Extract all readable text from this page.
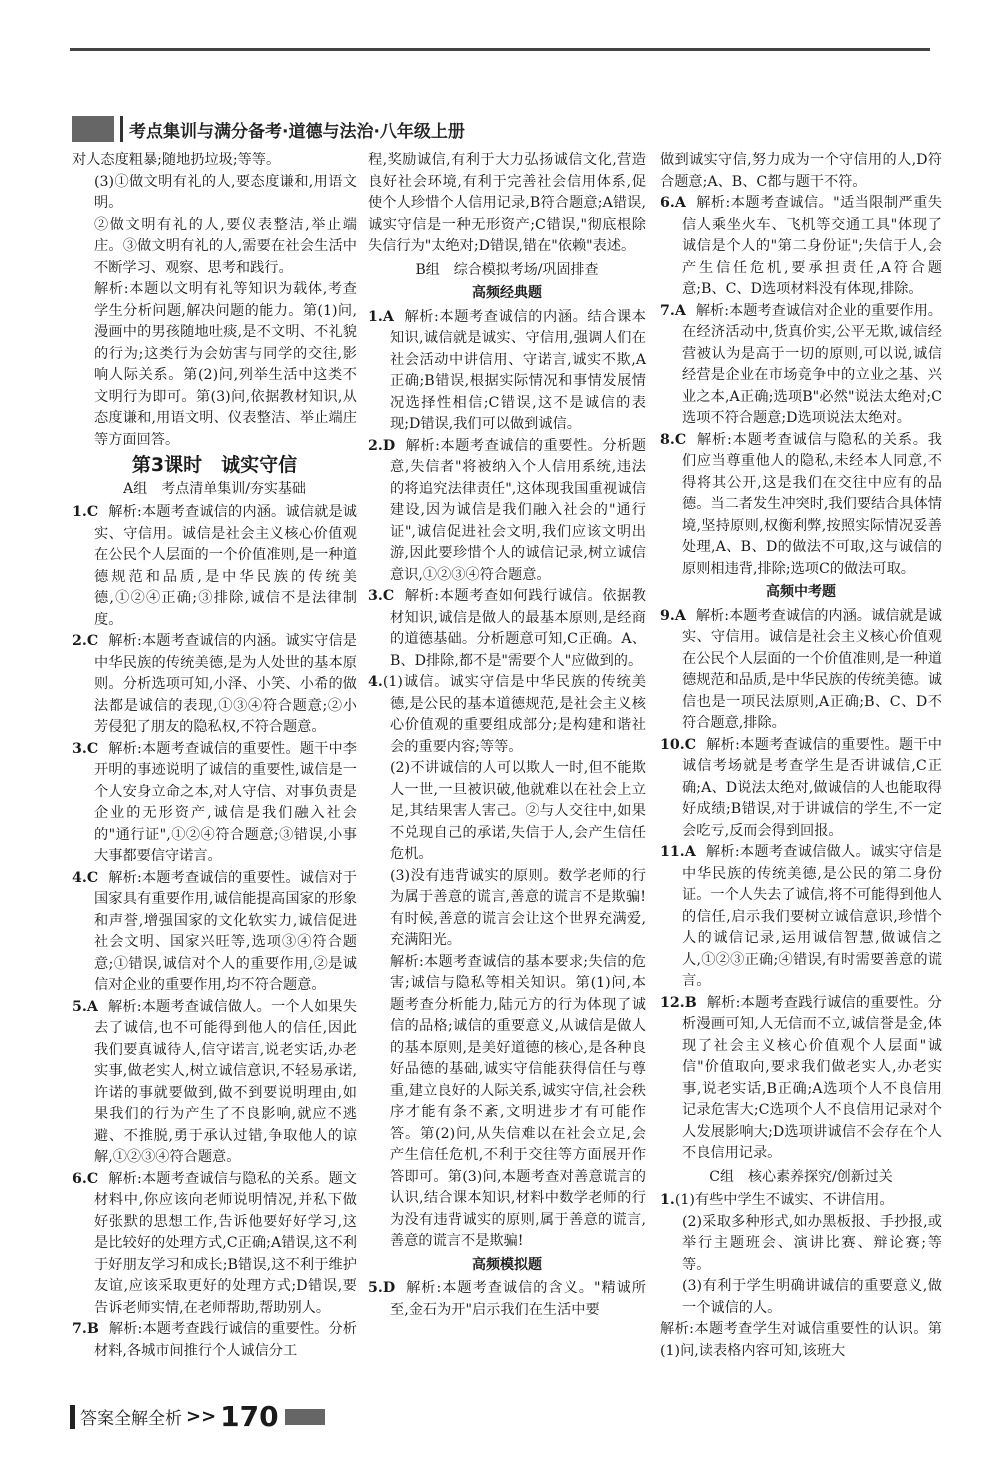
考点集训与满分备考·道德与法治·八年级上册

对人态度粗暴;随地扔垃圾;等等。

(3)①做文明有礼的人,要态度谦和,用语文明。

②做文明有礼的人,要仪表整洁,举止端庄。③做文明有礼的人,需要在社会生活中不断学习、观察、思考和践行。

解析:本题以文明有礼等知识为载体,考查学生分析问题,解决问题的能力。第(1)问,漫画中的男孩随地吐痰,是不文明、不礼貌的行为;这类行为会妨害与同学的交往,影响人际关系。第(2)问,列举生活中这类不文明行为即可。第(3)问,依据教材知识,从态度谦和,用语文明、仪表整洁、举止端庄等方面回答。

第3课时　诚实守信

A组　考点清单集训/夯实基础

1.C 解析:本题考查诚信的内涵。诚信就是诚实、守信用。诚信是社会主义核心价值观在公民个人层面的一个价值准则,是一种道德规范和品质,是中华民族的传统美德,①②④正确;③排除,诚信不是法律制度。

2.C 解析:本题考查诚信的内涵。诚实守信是中华民族的传统美德,是为人处世的基本原则。分析选项可知,小泽、小笑、小希的做法都是诚信的表现,①③④符合题意;②小芳侵犯了朋友的隐私权,不符合题意。

3.C 解析:本题考查诚信的重要性。题干中李开明的事迹说明了诚信的重要性,诚信是一个人安身立命之本,对人守信、对事负责是企业的无形资产,诚信是我们融入社会的"通行证",①②④符合题意;③错误,小事大事都要信守诺言。

4.C 解析:本题考查诚信的重要性。诚信对于国家具有重要作用,诚信能提高国家的形象和声誉,增强国家的文化软实力,诚信促进社会文明、国家兴旺等,选项③④符合题意;①错误,诚信对个人的重要作用,②是诚信对企业的重要作用,均不符合题意。

5.A 解析:本题考查诚信做人。一个人如果失去了诚信,也不可能得到他人的信任,因此我们要真诚待人,信守诺言,说老实话,办老实事,做老实人,树立诚信意识,不轻易承诺,许诺的事就要做到,做不到要说明理由,如果我们的行为产生了不良影响,就应不逃避、不推脱,勇于承认过错,争取他人的谅解,①②③④符合题意。

6.C 解析:本题考查诚信与隐私的关系。题文材料中,你应该向老师说明情况,并私下做好张默的思想工作,告诉他要好好学习,这是比较好的处理方式,C正确;A错误,这不利于好朋友学习和成长;B错误,这不利于维护友谊,应该采取更好的处理方式;D错误,要告诉老师实情,在老师帮助,帮助别人。

7.B 解析:本题考查践行诚信的重要性。分析材料,各城市间推行个人诚信分工

程,奖励诚信,有利于大力弘扬诚信文化,营造良好社会环境,有利于完善社会信用体系,促使个人珍惜个人信用记录,B符合题意;A错误,诚实守信是一种无形资产;C错误,"彻底根除失信行为"太绝对;D错误,错在"依赖"表述。

B组　综合模拟考场/巩固排查

高频经典题

1.A 解析:本题考查诚信的内涵。结合课本知识,诚信就是诚实、守信用,强调人们在社会活动中讲信用、守诺言,诚实不欺,A正确;B错误,根据实际情况和事情发展情况选择性相信;C错误,这不是诚信的表现;D错误,我们可以做到诚信。

2.D 解析:本题考查诚信的重要性。分析题意,失信者"将被纳入个人信用系统,违法的将追究法律责任",这体现我国重视诚信建设,因为诚信是我们融入社会的"通行证",诚信促进社会文明,我们应该文明出游,因此要珍惜个人的诚信记录,树立诚信意识,①②③④符合题意。

3.C 解析:本题考查如何践行诚信。依据教材知识,诚信是做人的最基本原则,是经商的道德基础。分析题意可知,C正确。A、B、D排除,都不是"需要个人"应做到的。

4.(1)诚信。诚实守信是中华民族的传统美德,是公民的基本道德规范,是社会主义核心价值观的重要组成部分;是构建和谐社会的重要内容;等等。

(2)不讲诚信的人可以欺人一时,但不能欺人一世,一旦被识破,他就难以在社会上立足,其结果害人害己。②与人交往中,如果不兑现自己的承诺,失信于人,会产生信任危机。

(3)没有违背诚实的原则。数学老师的行为属于善意的谎言,善意的谎言不是欺骗!有时候,善意的谎言会让这个世界充满爱,充满阳光。

解析:本题考查诚信的基本要求;失信的危害;诚信与隐私等相关知识。第(1)问,本题考查分析能力,陆元方的行为体现了诚信的品格;诚信的重要意义,从诚信是做人的基本原则,是美好道德的核心,是各种良好品德的基础,诚实守信能获得信任与尊重,建立良好的人际关系,诚实守信,社会秩序才能有条不紊,文明进步才有可能作答。第(2)问,从失信难以在社会立足,会产生信任危机,不利于交往等方面展开作答即可。第(3)问,本题考查对善意谎言的认识,结合课本知识,材料中数学老师的行为没有违背诚实的原则,属于善意的谎言,善意的谎言不是欺骗!

高频模拟题

5.D 解析:本题考查诚信的含义。"精诚所至,金石为开"启示我们在生活中要

做到诚实守信,努力成为一个守信用的人,D符合题意;A、B、C都与题干不符。

6.A 解析:本题考查诚信。"适当限制严重失信人乘坐火车、飞机等交通工具"体现了诚信是个人的"第二身份证";失信于人,会产生信任危机,要承担责任,A符合题意;B、C、D选项材料没有体现,排除。

7.A 解析:本题考查诚信对企业的重要作用。在经济活动中,货真价实,公平无欺,诚信经营被认为是高于一切的原则,可以说,诚信经营是企业在市场竞争中的立业之基、兴业之本,A正确;选项B"必然"说法太绝对;C选项不符合题意;D选项说法太绝对。

8.C 解析:本题考查诚信与隐私的关系。我们应当尊重他人的隐私,未经本人同意,不得将其公开,这是我们在交往中应有的品德。当二者发生冲突时,我们要结合具体情境,坚持原则,权衡利弊,按照实际情况妥善处理,A、B、D的做法不可取,这与诚信的原则相违背,排除;选项C的做法可取。

高频中考题

9.A 解析:本题考查诚信的内涵。诚信就是诚实、守信用。诚信是社会主义核心价值观在公民个人层面的一个价值准则,是一种道德规范和品质,是中华民族的传统美德。诚信也是一项民法原则,A正确;B、C、D不符合题意,排除。

10.C 解析:本题考查诚信的重要性。题干中诚信考场就是考查学生是否讲诚信,C正确;A、D说法太绝对,做诚信的人也能取得好成绩;B错误,对于讲诚信的学生,不一定会吃亏,反而会得到回报。

11.A 解析:本题考查诚信做人。诚实守信是中华民族的传统美德,是公民的第二身份证。一个人失去了诚信,将不可能得到他人的信任,启示我们要树立诚信意识,珍惜个人的诚信记录,运用诚信智慧,做诚信之人,①②③正确;④错误,有时需要善意的谎言。

12.B 解析:本题考查践行诚信的重要性。分析漫画可知,人无信而不立,诚信誉是金,体现了社会主义核心价值观个人层面"诚信"价值取向,要求我们做老实人,办老实事,说老实话,B正确;A选项个人不良信用记录危害大;C选项个人不良信用记录对个人发展影响大;D选项讲诚信不会存在个人不良信用记录。

C组　核心素养探究/创新过关

1.(1)有些中学生不诚实、不讲信用。

(2)采取多种形式,如办黑板报、手抄报,或举行主题班会、演讲比赛、辩论赛;等等。

(3)有利于学生明确讲诚信的重要意义,做一个诚信的人。

解析:本题考查学生对诚信重要性的认识。第(1)问,读表格内容可知,该班大

答案全解全析 >> 170
